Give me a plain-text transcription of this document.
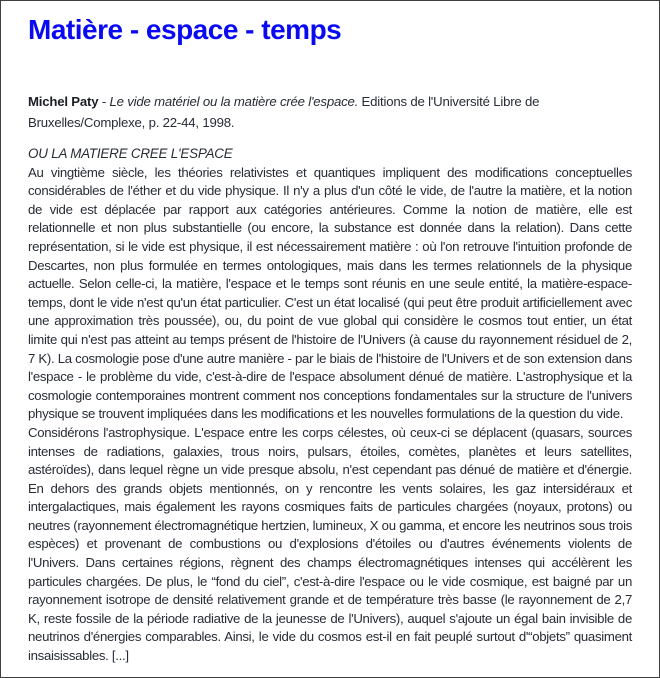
Matière - espace - temps

Michel Paty - Le vide matériel ou la matière crée l'espace. Editions de l'Université Libre de Bruxelles/Complexe, p. 22-44, 1998.

OU LA MATIERE CREE L'ESPACE

Au vingtième siècle, les théories relativistes et quantiques impliquent des modifications conceptuelles considérables de l'éther et du vide physique. Il n'y a plus d'un côté le vide, de l'autre la matière, et la notion de vide est déplacée par rapport aux catégories antérieures. Comme la notion de matière, elle est relationnelle et non plus substantielle (ou encore, la substance est donnée dans la relation). Dans cette représentation, si le vide est physique, il est nécessairement matière : où l'on retrouve l'intuition profonde de Descartes, non plus formulée en termes ontologiques, mais dans les termes relationnels de la physique actuelle. Selon celle-ci, la matière, l'espace et le temps sont réunis en une seule entité, la matière-espace-temps, dont le vide n'est qu'un état particulier. C'est un état localisé (qui peut être produit artificiellement avec une approximation très poussée), ou, du point de vue global qui considère le cosmos tout entier, un état limite qui n'est pas atteint au temps présent de l'histoire de l'Univers (à cause du rayonnement résiduel de 2, 7 K). La cosmologie pose d'une autre manière - par le biais de l'histoire de l'Univers et de son extension dans l'espace - le problème du vide, c'est-à-dire de l'espace absolument dénué de matière. L'astrophysique et la cosmologie contemporaines montrent comment nos conceptions fondamentales sur la structure de l'univers physique se trouvent impliquées dans les modifications et les nouvelles formulations de la question du vide.

Considérons l'astrophysique. L'espace entre les corps célestes, où ceux-ci se déplacent (quasars, sources intenses de radiations, galaxies, trous noirs, pulsars, étoiles, comètes, planètes et leurs satellites, astéroïdes), dans lequel règne un vide presque absolu, n'est cependant pas dénué de matière et d'énergie. En dehors des grands objets mentionnés, on y rencontre les vents solaires, les gaz intersidéraux et intergalactiques, mais également les rayons cosmiques faits de particules chargées (noyaux, protons) ou neutres (rayonnement électromagnétique hertzien, lumineux, X ou gamma, et encore les neutrinos sous trois espèces) et provenant de combustions ou d'explosions d'étoiles ou d'autres événements violents de l'Univers. Dans certaines régions, règnent des champs électromagnétiques intenses qui accélèrent les particules chargées. De plus, le “fond du ciel”, c'est-à-dire l'espace ou le vide cosmique, est baigné par un rayonnement isotrope de densité relativement grande et de température très basse (le rayonnement de 2,7 K, reste fossile de la période radiative de la jeunesse de l'Univers), auquel s'ajoute un égal bain invisible de neutrinos d'énergies comparables. Ainsi, le vide du cosmos est-il en fait peuplé surtout d'“objets” quasiment insaisissables. [...]
